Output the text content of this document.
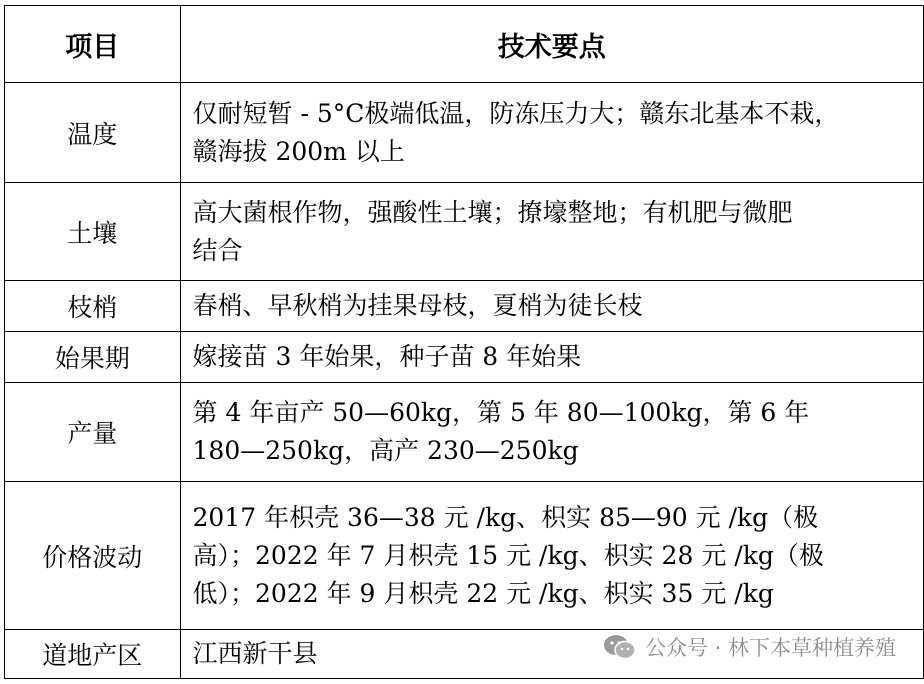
项目	技术要点
温度	仅耐短暂 - 5°C极端低温，防冻压力大；赣东北基本不栽，
赣海拔 200m 以上

土壤	高大菌根作物，强酸性土壤；撩壕整地；有机肥与微肥
结合

枝梢	春梢、早秋梢为挂果母枝，夏梢为徒长枝

始果期	嫁接苗 3 年始果，种子苗 8 年始果

产量	第 4 年亩产 50—60kg，第 5 年 80—100kg，第 6 年
180—250kg，高产 230—250kg

价格波动	2017 年枳壳 36—38 元 /kg、枳实 85—90 元 /kg（极
高）；2022 年 7 月枳壳 15 元 /kg、枳实 28 元 /kg（极
低）；2022 年 9 月枳壳 22 元 /kg、枳实 35 元 /kg

道地产区	江西新干县	公众号 · 林下本草种植养殖
